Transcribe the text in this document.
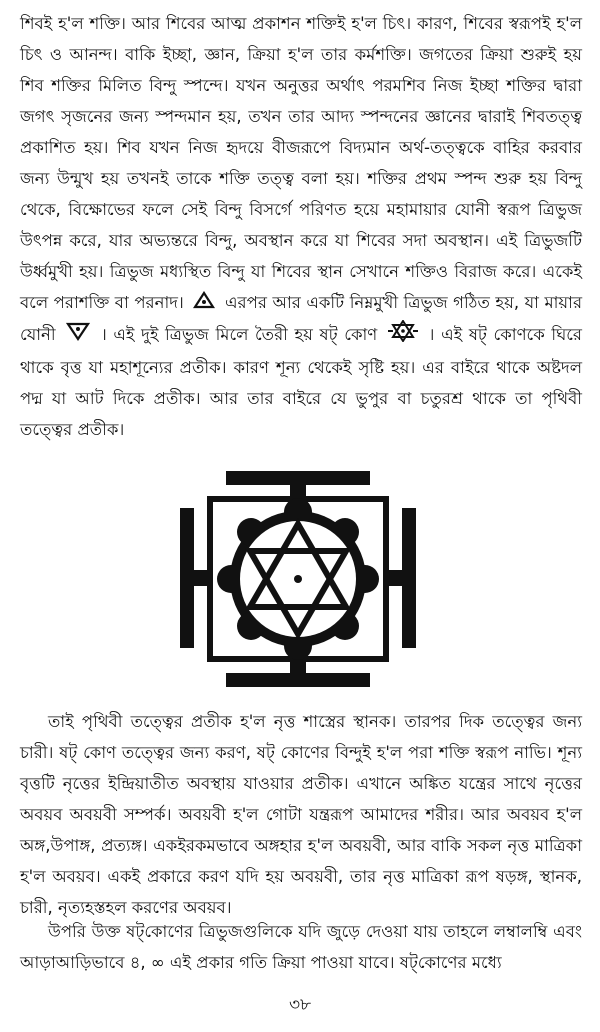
শিবই হ'ল শক্তি। আর শিবের আত্ম প্রকাশন শক্তিই হ'ল চিৎ। কারণ, শিবের স্বরূপই হ'ল চিৎ ও আনন্দ। বাকি ইচ্ছা, জ্ঞান, ক্রিয়া হ'ল তার কর্মশক্তি। জগতের ক্রিয়া শুরুই হয় শিব শক্তির মিলিত বিন্দু স্পন্দে। যখন অনুত্তর অর্থাৎ পরমশিব নিজ ইচ্ছা শক্তির দ্বারা জগৎ সৃজনের জন্য স্পন্দমান হয়, তখন তার আদ্য স্পন্দনের জ্ঞানের দ্বারাই শিবতত্ত্ব প্রকাশিত হয়। শিব যখন নিজ হৃদয়ে বীজরূপে বিদ্যমান অর্থ-তত্ত্বকে বাহির করবার জন্য উন্মুখ হয় তখনই তাকে শক্তি তত্ত্ব বলা হয়। শক্তির প্রথম স্পন্দ শুরু হয় বিন্দু থেকে, বিক্ষোভের ফলে সেই বিন্দু বিসর্গে পরিণত হয়ে মহামায়ার যোনী স্বরূপ ত্রিভুজ উৎপন্ন করে, যার অভ্যন্তরে বিন্দু, অবস্থান করে যা শিবের সদা অবস্থান। এই ত্রিভুজটি উর্ধ্বমুখী হয়। ত্রিভুজ মধ্যস্থিত বিন্দু যা শিবের স্থান সেখানে শক্তিও বিরাজ করে। একেই বলে পরাশক্তি বা পরনাদ। এরপর আর একটি নিম্নমুখী ত্রিভুজ গঠিত হয়, যা মায়ার যোনী	। এই দুই ত্রিভুজ মিলে তৈরী হয় ষট্ কোণ	। এই ষট্ কোণকে ঘিরে থাকে বৃত্ত যা মহাশূন্যের প্রতীক। কারণ শূন্য থেকেই সৃষ্টি হয়। এর বাইরে থাকে অষ্টদল পদ্ম যা আট দিকে প্রতীক। আর তার বাইরে যে ভুপুর বা চতুরশ্র থাকে তা পৃথিবী তত্ত্বের প্রতীক।

তাই পৃথিবী তত্ত্বের প্রতীক হ'ল নৃত্ত শাস্ত্রের স্থানক। তারপর দিক তত্ত্বের জন্য চারী। ষট্ কোণ তত্ত্বের জন্য করণ, ষট্ কোণের বিন্দুই হ'ল পরা শক্তি স্বরূপ নাভি। শূন্য বৃত্তটি নৃত্তের ইন্দ্রিয়াতীত অবস্থায় যাওয়ার প্রতীক। এখানে অঙ্কিত যন্ত্রের সাথে নৃত্তের অবয়ব অবয়বী সম্পর্ক। অবয়বী হ'ল গোটা যন্ত্ররূপ আমাদের শরীর। আর অবয়ব হ'ল অঙ্গ,উপাঙ্গ, প্রত্যঙ্গ। একইরকমভাবে অঙ্গহার হ'ল অবয়বী, আর বাকি সকল নৃত্ত মাত্রিকা হ'ল অবয়ব। একই প্রকারে করণ যদি হয় অবয়বী, তার নৃত্ত মাত্রিকা রূপ ষড়ঙ্গ, স্থানক, চারী, নৃত্যহস্তহল করণের অবয়ব।

উপরি উক্ত ষট্‌কোণের ত্রিভুজগুলিকে যদি জুড়ে দেওয়া যায় তাহলে লম্বালম্বি এবং আড়াআড়িভাবে ৪, ∞ এই প্রকার গতি ক্রিয়া পাওয়া যাবে। ষট্‌কোণের মধ্যে

৩৮
